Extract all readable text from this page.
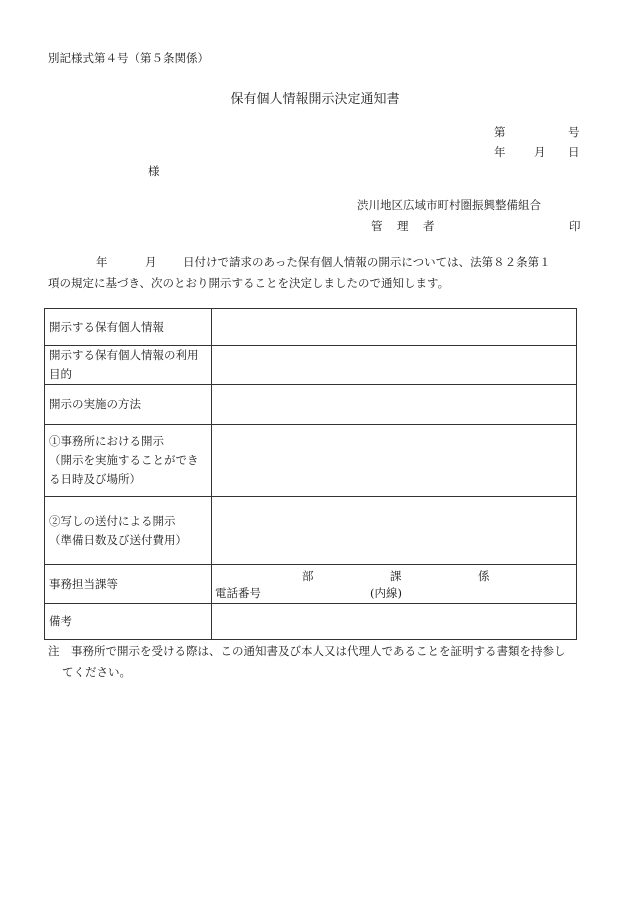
別記様式第４号（第５条関係）
保有個人情報開示決定通知書
第	号
年 月 日
様
渋川地区広域市町村圏振興整備組合
管 理 者	印
年	月 日付けで請求のあった保有個人情報の開示については、法第８２条第１
項の規定に基づき、次のとおり開示することを決定しましたので通知します。
開示する保有個人情報	

開示する保有個人情報の利用
目的	

開示の実施の方法	

①事務所における開示
（開示を実施することができ
る日時及び場所）	

②写しの送付による開示
（準備日数及び送付費用）	

事務担当課等	部 課 係
電話番号 (内線)

備考	
注　事務所で開示を受ける際は、この通知書及び本人又は代理人であることを証明する書類を持参し
てください。
